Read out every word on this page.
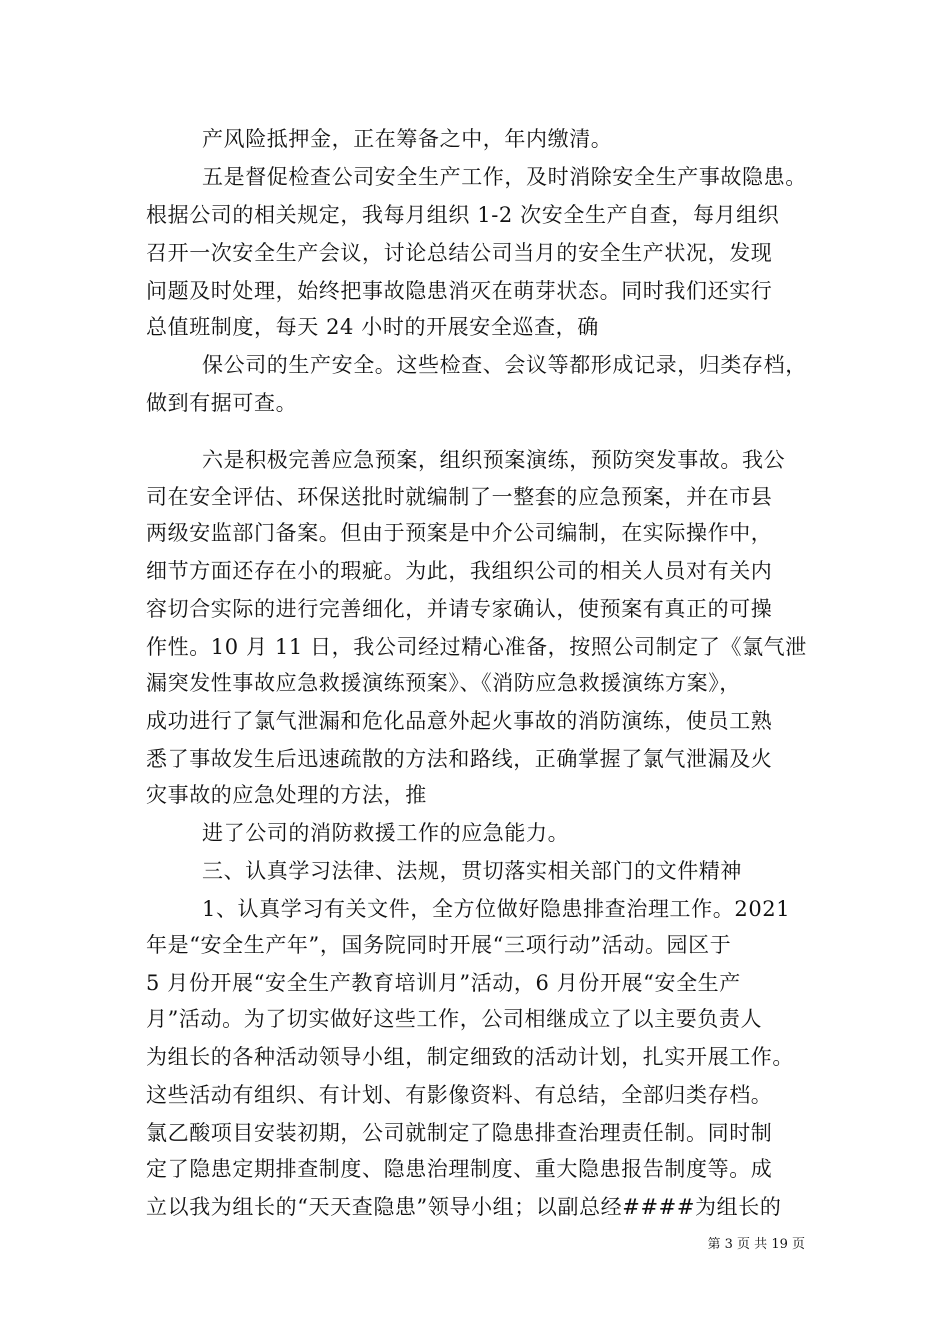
产风险抵押金，正在筹备之中，年内缴清。
五是督促检查公司安全生产工作，及时消除安全生产事故隐患。
根据公司的相关规定，我每月组织 1-2 次安全生产自查，每月组织
召开一次安全生产会议，讨论总结公司当月的安全生产状况，发现
问题及时处理，始终把事故隐患消灭在萌芽状态。同时我们还实行
总值班制度，每天 24 小时的开展安全巡查，确
保公司的生产安全。这些检查、会议等都形成记录，归类存档，
做到有据可查。
六是积极完善应急预案，组织预案演练，预防突发事故。我公
司在安全评估、环保送批时就编制了一整套的应急预案，并在市县
两级安监部门备案。但由于预案是中介公司编制，在实际操作中，
细节方面还存在小的瑕疵。为此，我组织公司的相关人员对有关内
容切合实际的进行完善细化，并请专家确认，使预案有真正的可操
作性。10 月 11 日，我公司经过精心准备，按照公司制定了《氯气泄
漏突发性事故应急救援演练预案》、《消防应急救援演练方案》，
成功进行了氯气泄漏和危化品意外起火事故的消防演练，使员工熟
悉了事故发生后迅速疏散的方法和路线，正确掌握了氯气泄漏及火
灾事故的应急处理的方法，推
进了公司的消防救援工作的应急能力。
三、认真学习法律、法规，贯切落实相关部门的文件精神
1、认真学习有关文件，全方位做好隐患排查治理工作。2021
年是“安全生产年”，国务院同时开展“三项行动”活动。园区于
5 月份开展“安全生产教育培训月”活动，6 月份开展“安全生产
月”活动。为了切实做好这些工作，公司相继成立了以主要负责人
为组长的各种活动领导小组，制定细致的活动计划，扎实开展工作。
这些活动有组织、有计划、有影像资料、有总结，全部归类存档。
氯乙酸项目安装初期，公司就制定了隐患排查治理责任制。同时制
定了隐患定期排查制度、隐患治理制度、重大隐患报告制度等。成
立以我为组长的“天天查隐患”领导小组；以副总经####为组长的
第 3 页 共 19 页
